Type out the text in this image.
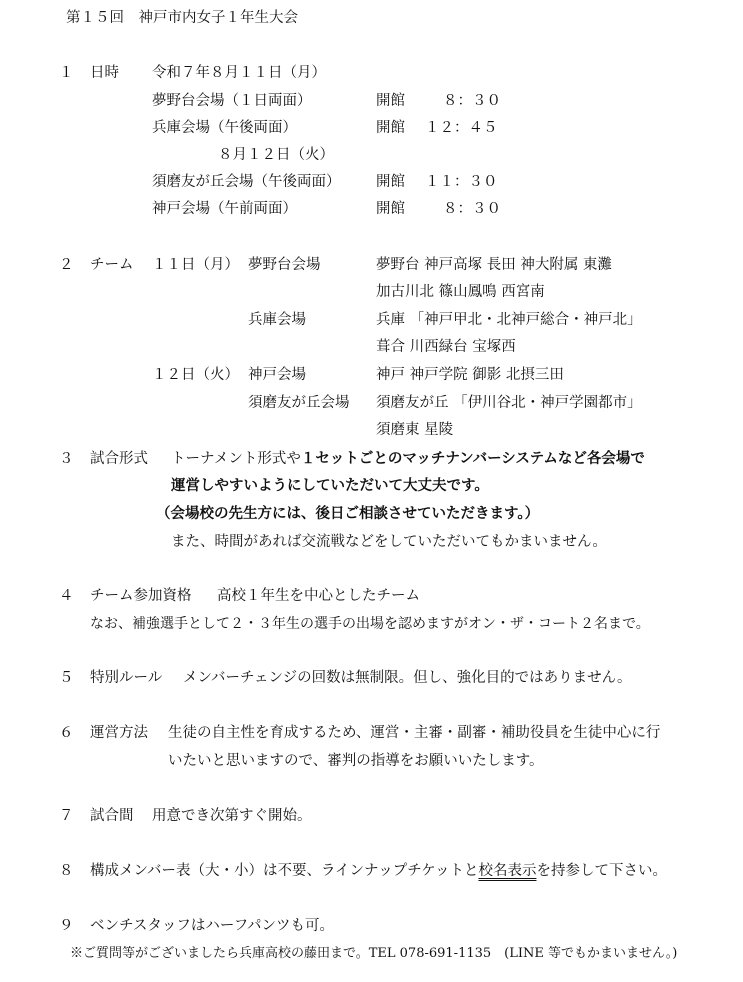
第１５回　神戸市内女子１年生大会
１ 日時 令和７年８月１１日（月）
夢野台会場（１日両面）	開館	８：３０
兵庫会場（午後両面）	開館 １２：４５
８月１２日（火）
須磨友が丘会場（午後両面） 開館 １１：３０
神戸会場（午前両面）	開館	８：３０
２ チーム １１日（月） 夢野台会場	夢野台 神戸高塚 長田 神大附属 東灘
加古川北 篠山鳳鳴 西宮南
兵庫会場	兵庫 「神戸甲北・北神戸総合・神戸北」
葺合 川西緑台 宝塚西
１２日（火） 神戸会場	神戸 神戸学院 御影 北摂三田
須磨友が丘会場 須磨友が丘 「伊川谷北・神戸学園都市」
須磨東 星陵
３ 試合形式 トーナメント形式や１セットごとのマッチナンバーシステムなど各会場で
運営しやすいようにしていただいて大丈夫です。
（会場校の先生方には、後日ご相談させていただきます。）
また、時間があれば交流戦などをしていただいてもかまいません。
４ チーム参加資格 高校１年生を中心としたチーム
なお、補強選手として２・３年生の選手の出場を認めますがオン・ザ・コート２名まで。
５ 特別ルール メンバーチェンジの回数は無制限。但し、強化目的ではありません。
６ 運営方法 生徒の自主性を育成するため、運営・主審・副審・補助役員を生徒中心に行
いたいと思いますので、審判の指導をお願いいたします。
７ 試合間 用意でき次第すぐ開始。
８ 構成メンバー表（大・小）は不要、ラインナップチケットと校名表示を持参して下さい。
９ ベンチスタッフはハーフパンツも可。
※ご質問等がございましたら兵庫高校の藤田まで。TEL 078-691-1135　(LINE 等でもかまいません。)
